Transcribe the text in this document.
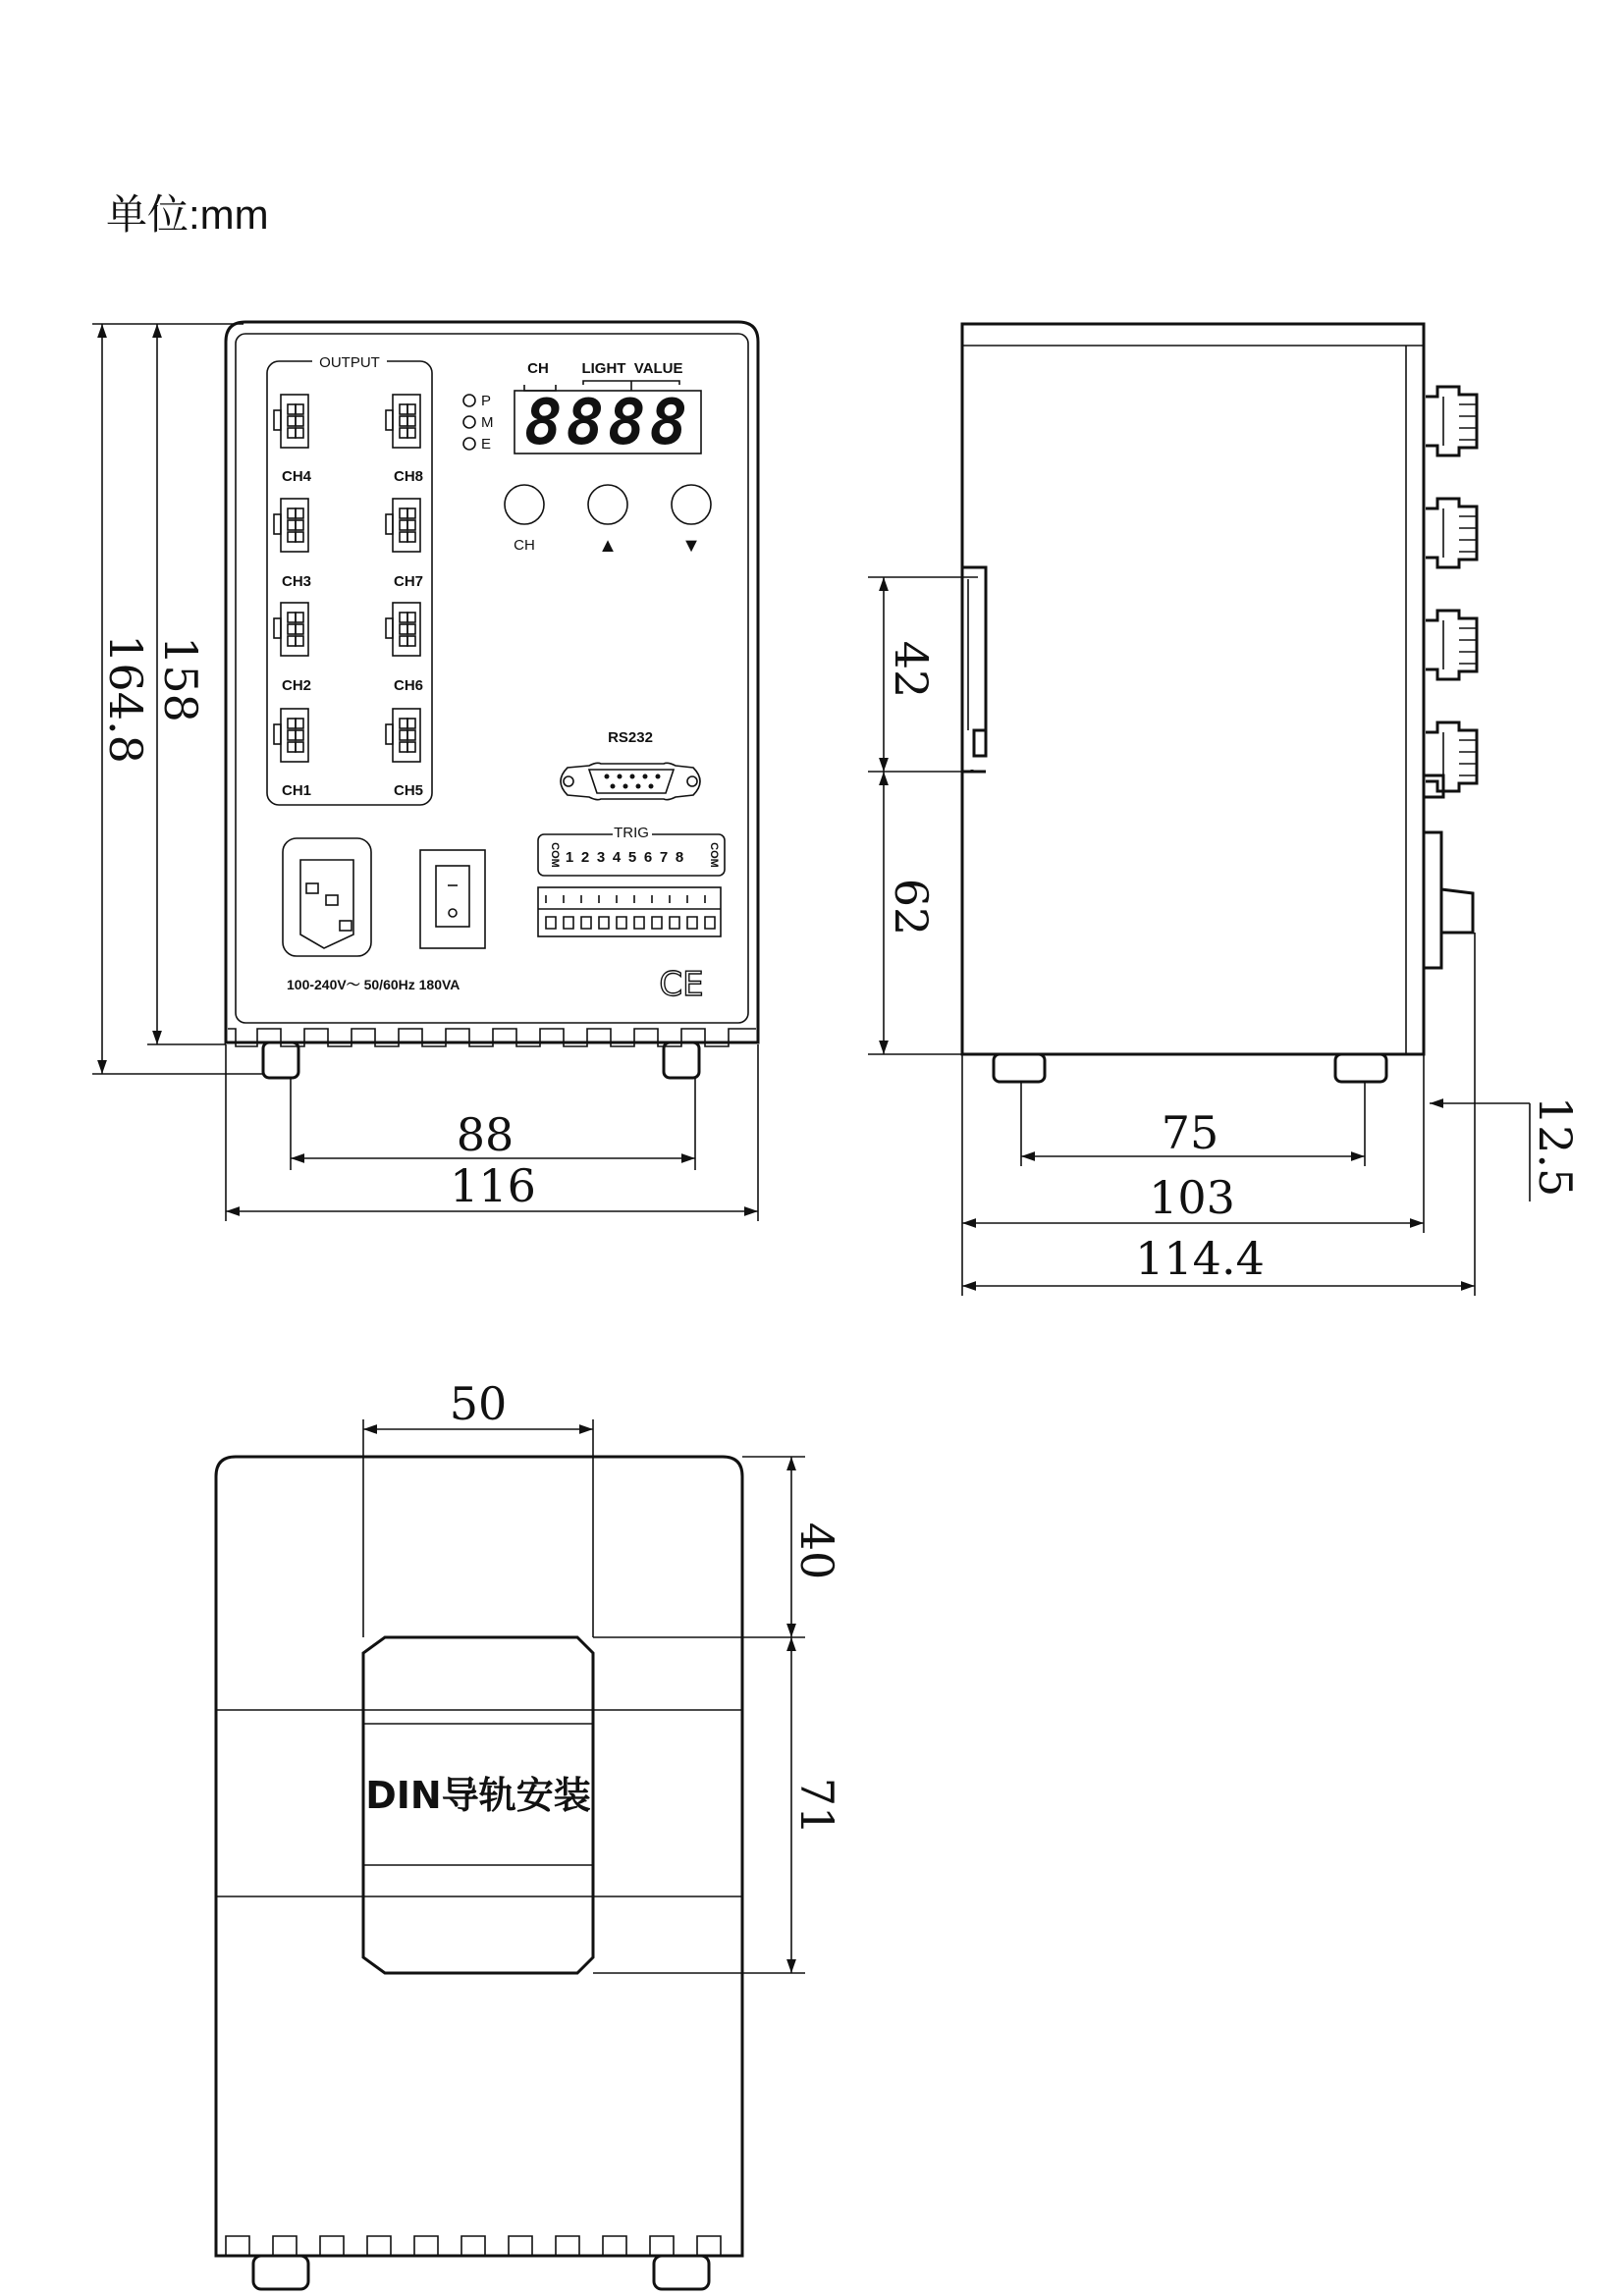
单位:mm
OUTPUT
CH4
CH3
CH2
CH1
CH8
CH7
CH6
CH5
P
M
E
CH LIGHT  VALUE
8888
CH	▲	▼
RS232
TRIG
COM 1 2 3 4 5 6 7 8 COM
100-240V～ 50/60Hz 180VA	CE
164.8 158
88
116
42
62
75
103
114.4
12.5
DIN导轨安装
50
40
71
